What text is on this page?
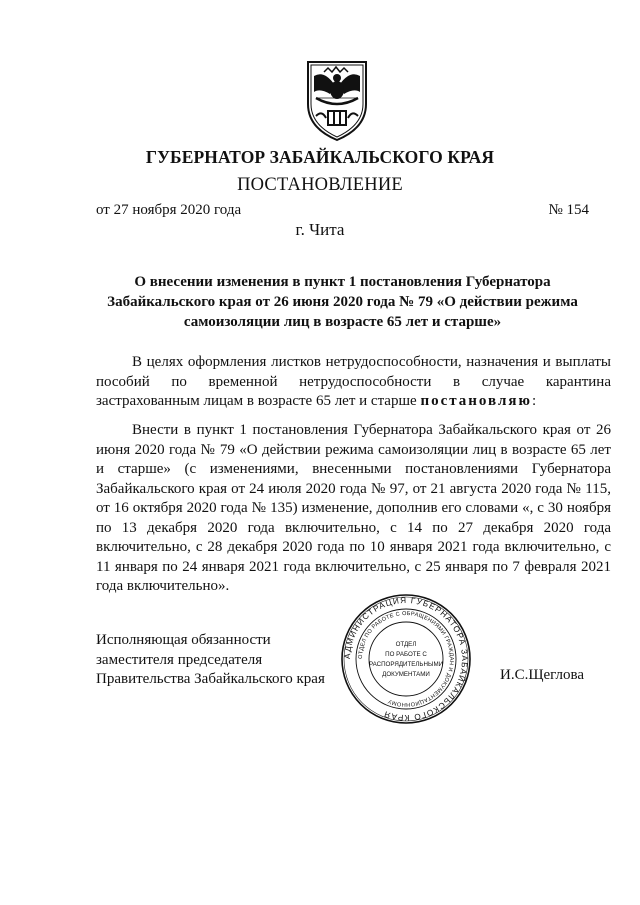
ГУБЕРНАТОР ЗАБАЙКАЛЬСКОГО КРАЯ
ПОСТАНОВЛЕНИЕ
от 27 ноября 2020 года	№ 154
г. Чита
О внесении изменения в пункт 1 постановления Губернатора
Забайкальского края от 26 июня 2020 года № 79 «О действии режима
самоизоляции лиц в возрасте 65 лет и старше»

В целях оформления листков нетрудоспособности, назначения и выплаты пособий по временной нетрудоспособности в случае карантина застрахованным лицам в возрасте 65 лет и старше постановляю:

Внести в пункт 1 постановления Губернатора Забайкальского края от 26 июня 2020 года № 79 «О действии режима самоизоляции лиц в возрасте 65 лет и старше» (с изменениями, внесенными постановлениями Губернатора Забайкальского края от 24 июля 2020 года № 97, от 21 августа 2020 года № 115, от 16 октября 2020 года № 135) изменение, дополнив его словами «, с 30 ноября по 13 декабря 2020 года включительно, с 14 по 27 декабря 2020 года включительно, с 28 декабря 2020 года по 10 января 2021 года включительно, с 11 января по 24 января 2021 года включительно, с 25 января по 7 февраля 2021 года включительно».

Исполняющая обязанности
заместителя председателя
Правительства Забайкальского края
АДМИНИСТРАЦИЯ ГУБЕРНАТОРА ЗАБАЙКАЛЬСКОГО КРАЯ
ОТДЕЛ ПО РАБОТЕ С ОБРАЩЕНИЯМИ ГРАЖДАН И ДОКУМЕНТАЦИОННОМУ
ОТДЕЛ
ПО РАБОТЕ С
РАСПОРЯДИТЕЛЬНЫМИ
ДОКУМЕНТАМИ	И.С.Щеглова
